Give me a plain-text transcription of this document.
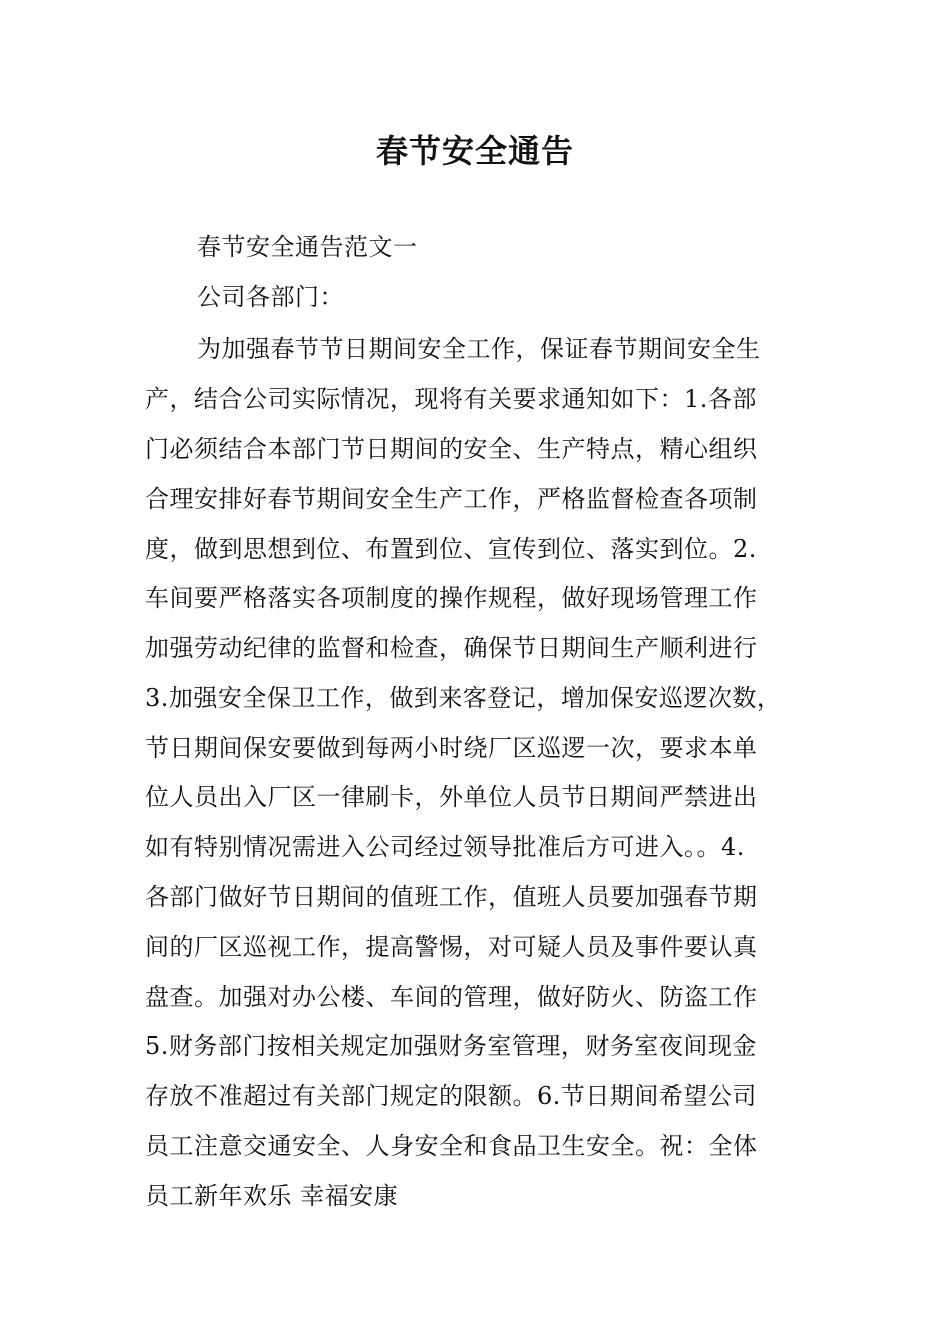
春节安全通告
春节安全通告范文一
公司各部门：
为加强春节节日期间安全工作，保证春节期间安全生
产，结合公司实际情况，现将有关要求通知如下：1.各部
门必须结合本部门节日期间的安全、生产特点，精心组织
合理安排好春节期间安全生产工作，严格监督检查各项制
度，做到思想到位、布置到位、宣传到位、落实到位。2.
车间要严格落实各项制度的操作规程，做好现场管理工作
加强劳动纪律的监督和检查，确保节日期间生产顺利进行
3.加强安全保卫工作，做到来客登记，增加保安巡逻次数，
节日期间保安要做到每两小时绕厂区巡逻一次，要求本单
位人员出入厂区一律刷卡，外单位人员节日期间严禁进出
如有特别情况需进入公司经过领导批准后方可进入。。4.
各部门做好节日期间的值班工作，值班人员要加强春节期
间的厂区巡视工作，提高警惕，对可疑人员及事件要认真
盘查。加强对办公楼、车间的管理，做好防火、防盗工作
5.财务部门按相关规定加强财务室管理，财务室夜间现金
存放不准超过有关部门规定的限额。6.节日期间希望公司
员工注意交通安全、人身安全和食品卫生安全。祝：全体
员工新年欢乐 幸福安康
